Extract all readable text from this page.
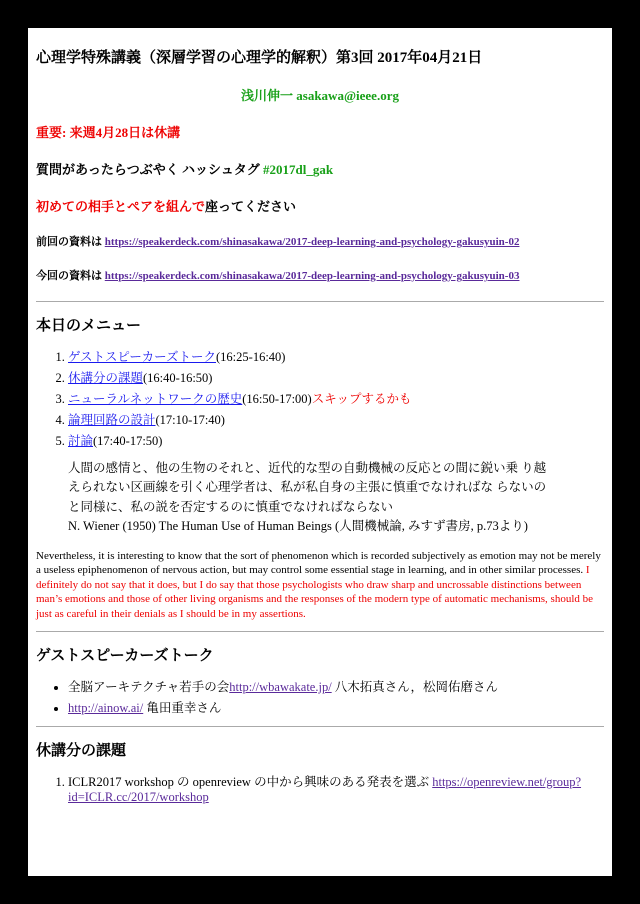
心理学特殊講義（深層学習の心理学的解釈）第3回 2017年04月21日
浅川伸一 asakawa@ieee.org
重要: 来週4月28日は休講
質問があったらつぶやく ハッシュタグ #2017dl_gak
初めての相手とペアを組んで座ってください
前回の資料は https://speakerdeck.com/shinasakawa/2017-deep-learning-and-psychology-gakusyuin-02
今回の資料は https://speakerdeck.com/shinasakawa/2017-deep-learning-and-psychology-gakusyuin-03
本日のメニュー
1. ゲストスピーカーズトーク(16:25-16:40)
2. 休講分の課題(16:40-16:50)
3. ニューラルネットワークの歴史(16:50-17:00)スキップするかも
4. 論理回路の設計(17:10-17:40)
5. 討論(17:40-17:50)
人間の感情と、他の生物のそれと、近代的な型の自動機械の反応との間に鋭い乗 り越
えられない区画線を引く心理学者は、私が私自身の主張に慎重でなければな らないの
と同様に、私の説を否定するのに慎重でなければならない
N. Wiener (1950) The Human Use of Human Beings (人間機械論, みすず書房, p.73より)

Nevertheless, it is interesting to know that the sort of phenomenon which is recorded subjectively as emotion may not be merely a useless epiphenomenon of nervous action, but may control some essential stage in learning, and in other similar processes. I definitely do not say that it does, but I do say that those psychologists who draw sharp and uncrossable distinctions between man’s emotions and those of other living organisms and the responses of the modern type of automatic mechanisms, should be just as careful in their denials as I should be in my assertions.

ゲストスピーカーズトーク
• 全脳アーキテクチャ若手の会http://wbawakate.jp/ 八木拓真さん，松岡佑磨さん
• http://ainow.ai/ 亀田重幸さん
休講分の課題
1. ICLR2017 workshop の openreview の中から興味のある発表を選ぶ https://openreview.net/group?id=ICLR.cc/2017/workshop
